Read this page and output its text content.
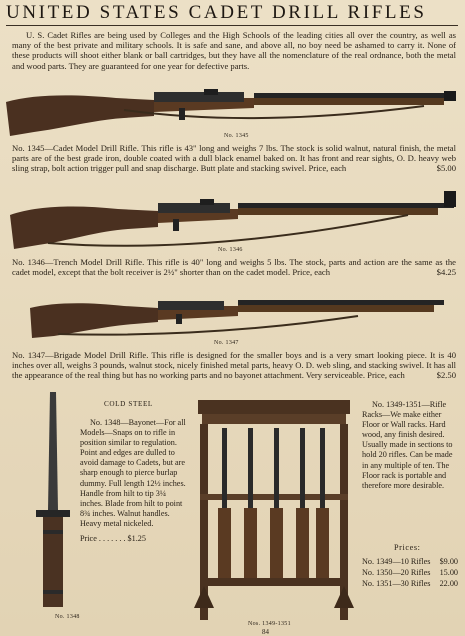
UNITED STATES CADET DRILL RIFLES

U. S. Cadet Rifles are being used by Colleges and the High Schools of the leading cities all over the country, as well as many of the best private and military schools. It is safe and sane, and above all, no boy need be ashamed to carry it. None of these products will shoot either blank or ball cartridges, but they have all the nomenclature of the real ordnance, both the metal and wood parts. They are guaranteed for one year for defective parts.

No. 1345
No. 1345—Cadet Model Drill Rifle. This rifle is 43" long and weighs 7 lbs. The stock is solid walnut, natural finish, the metal parts are of the best grade iron, double coated with a dull black enamel baked on. It has front and rear sights, O. D. heavy web sling strap, bolt action trigger pull and snap discharge. Butt plate and stacking swivel. Price, each	$5.00
No. 1346
No. 1346—Trench Model Drill Rifle. This rifle is 40" long and weighs 5 lbs. The stock, parts and action are the same as the cadet model, except that the bolt receiver is 2½" shorter than on the cadet model. Price, each	$4.25
No. 1347
No. 1347—Brigade Model Drill Rifle. This rifle is designed for the smaller boys and is a very smart looking piece. It is 40 inches over all, weighs 3 pounds, walnut stock, nicely finished metal parts, heavy O. D. web sling, and stacking swivel. It has all the appearance of the real thing but has no working parts and no bayonet attachment. Very serviceable. Price, each	$2.50
No. 1348
COLD STEEL

No. 1348—Bayonet—For all Models—Snaps on to rifle in position similar to regulation. Point and edges are dulled to avoid damage to Cadets, but are sharp enough to pierce burlap dummy. Full length 12½ inches. Handle from hilt to tip 3¼ inches. Blade from hilt to point 8¾ inches. Walnut handles. Heavy metal nickeled.

Price . . . . . . . $1.25

Nos. 1349-1351

No. 1349-1351—Rifle Racks—We make either Floor or Wall racks. Hard wood, any finish desired. Usually made in sections to hold 20 rifles. Can be made in any multiple of ten. The Floor rack is portable and therefore more desirable.

Prices:
No. 1349—10 Rifles $9.00
No. 1350—20 Rifles 15.00
No. 1351—30 Rifles 22.00
84
